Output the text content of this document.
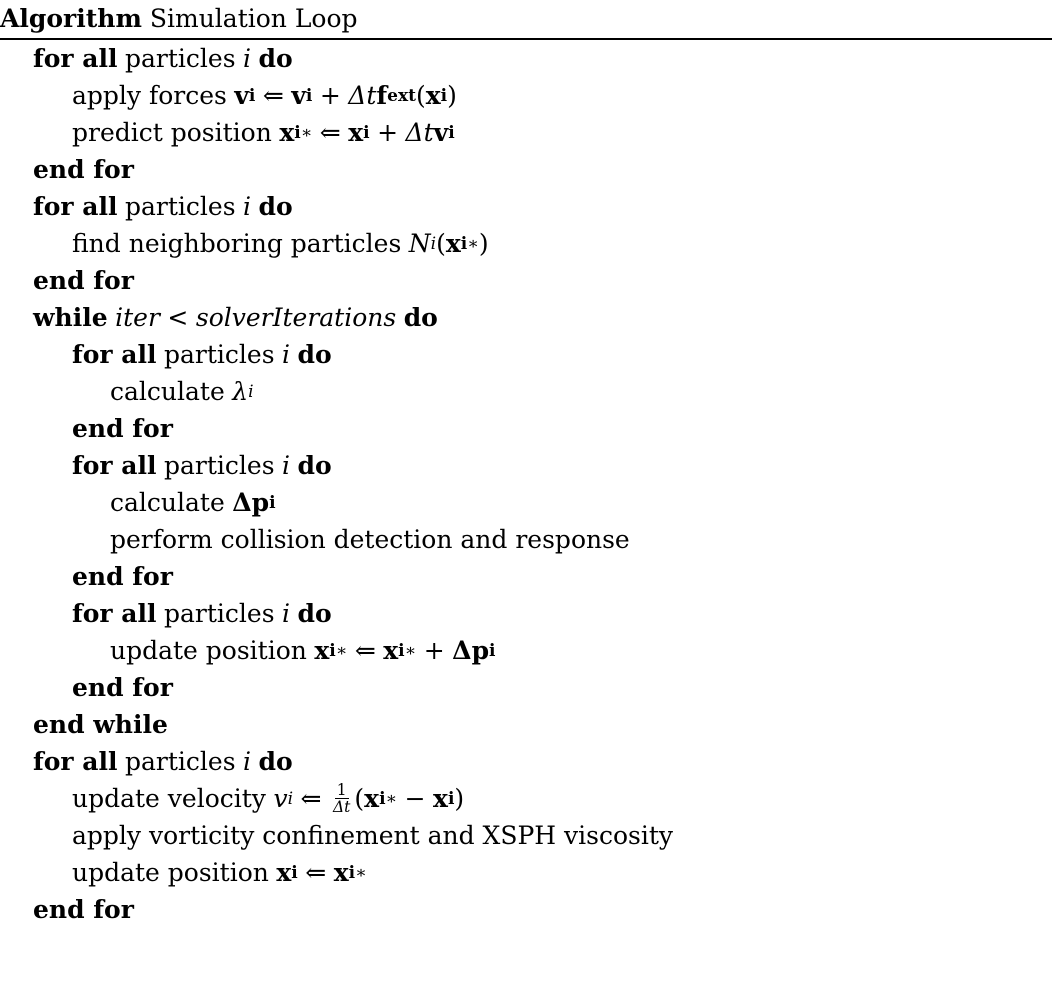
Algorithm Simulation Loop
for all particles i do
apply forces v i ⇐ v i + Δt f ext ( x i )
predict position x i ∗ ⇐ x i + Δt v i
end for
for all particles i do
find neighboring particles N i ( x i ∗ )
end for
while iter < solverIterations do
for all particles i do
calculate λ i
end for
for all particles i do
calculate Δ p i
perform collision detection and response
end for
for all particles i do
update position x i ∗ ⇐ x i ∗ + Δ p i
end for
end while
for all particles i do
update velocity v i ⇐ $\frac{1}{\Delta t}$ ( x i ∗ − x i )
apply vorticity confinement and XSPH viscosity
update position x i ⇐ x i ∗
end for
